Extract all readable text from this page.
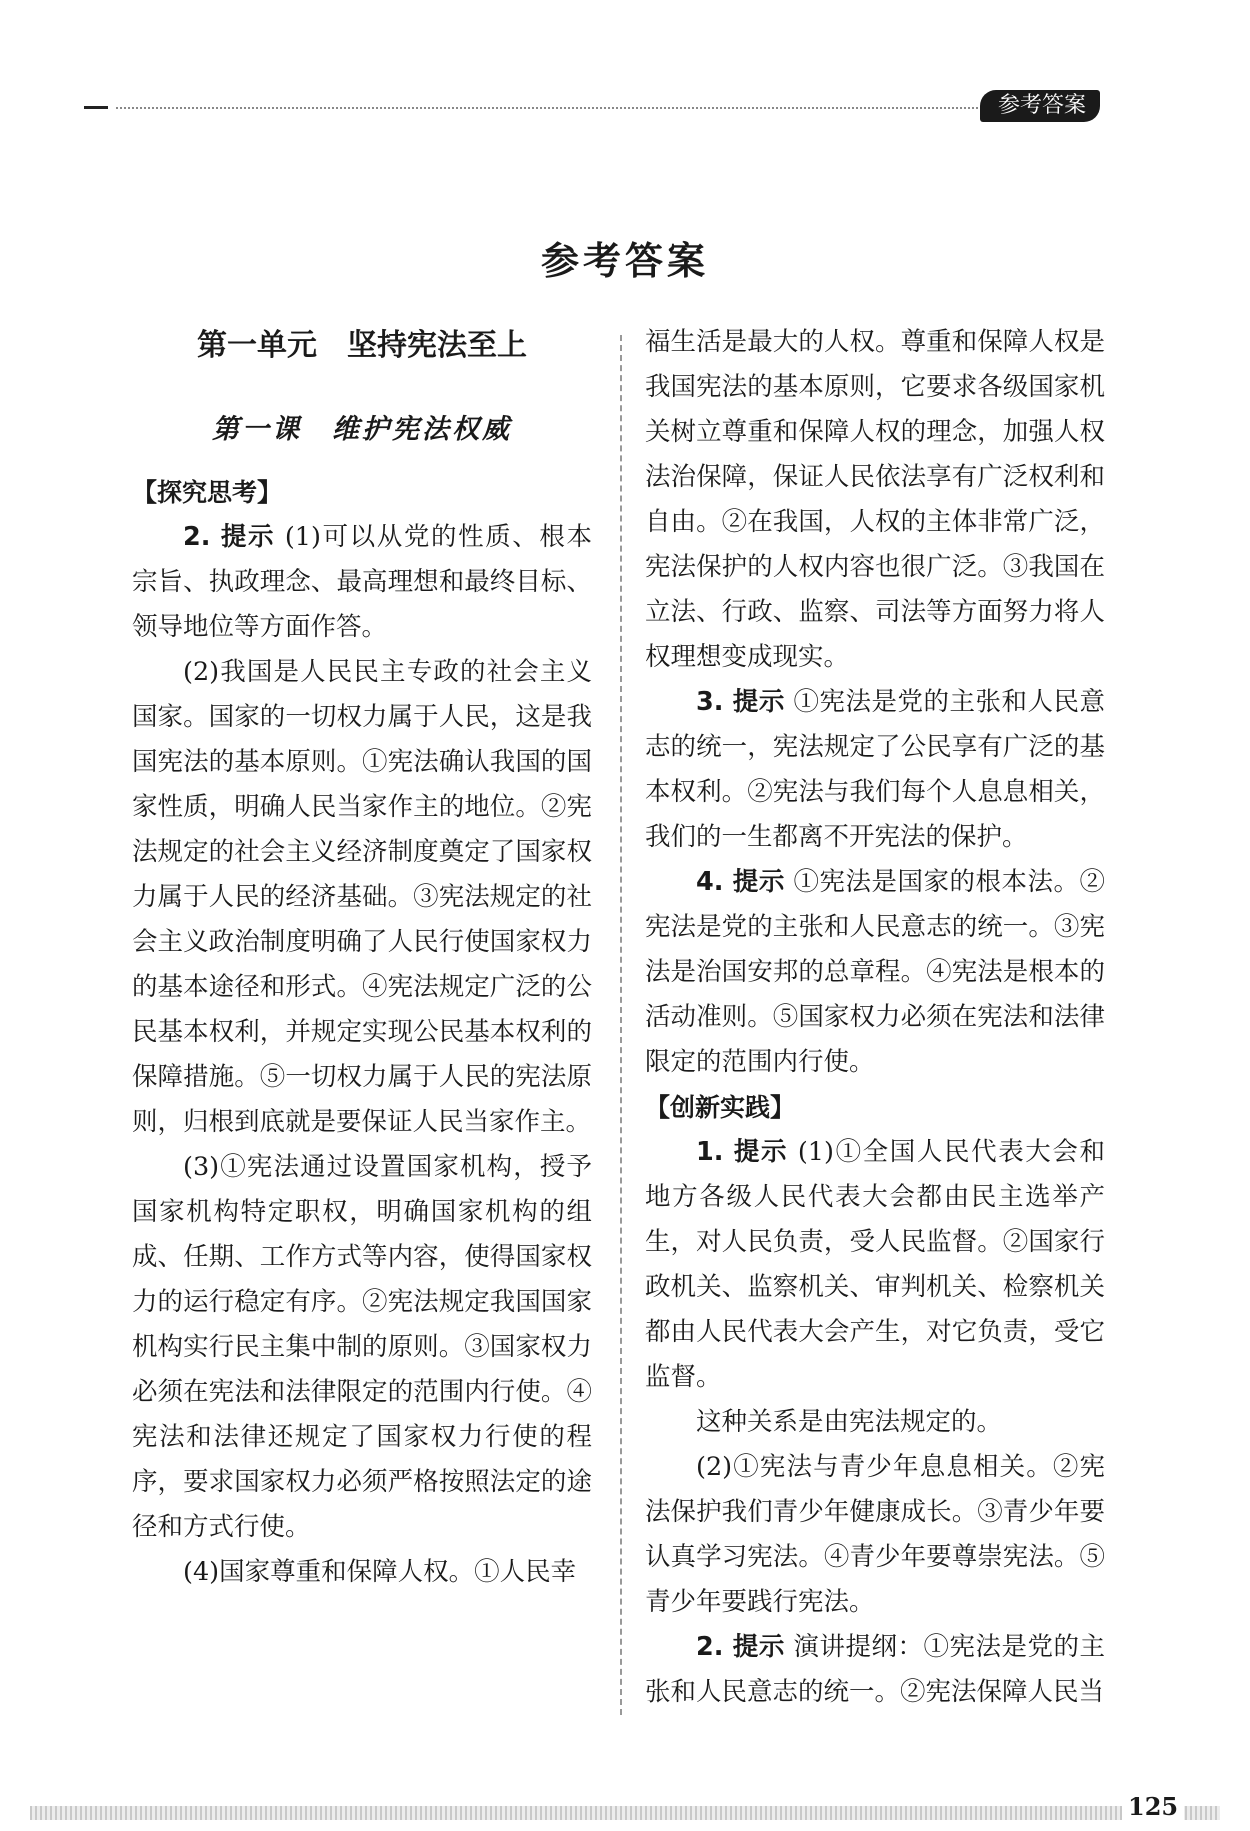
参考答案
参考答案
第一单元　坚持宪法至上
第一课　维护宪法权威

【探究思考】

2. 提示 (1)可以从党的性质、根本宗旨、执政理念、最高理想和最终目标、领导地位等方面作答。

(2)我国是人民民主专政的社会主义国家。国家的一切权力属于人民，这是我国宪法的基本原则。①宪法确认我国的国家性质，明确人民当家作主的地位。②宪法规定的社会主义经济制度奠定了国家权力属于人民的经济基础。③宪法规定的社会主义政治制度明确了人民行使国家权力的基本途径和形式。④宪法规定广泛的公民基本权利，并规定实现公民基本权利的保障措施。⑤一切权力属于人民的宪法原则，归根到底就是要保证人民当家作主。

(3)①宪法通过设置国家机构，授予国家机构特定职权，明确国家机构的组成、任期、工作方式等内容，使得国家权力的运行稳定有序。②宪法规定我国国家机构实行民主集中制的原则。③国家权力必须在宪法和法律限定的范围内行使。④宪法和法律还规定了国家权力行使的程序，要求国家权力必须严格按照法定的途径和方式行使。

(4)国家尊重和保障人权。①人民幸

福生活是最大的人权。尊重和保障人权是我国宪法的基本原则，它要求各级国家机关树立尊重和保障人权的理念，加强人权法治保障，保证人民依法享有广泛权利和自由。②在我国，人权的主体非常广泛，宪法保护的人权内容也很广泛。③我国在立法、行政、监察、司法等方面努力将人权理想变成现实。

3. 提示 ①宪法是党的主张和人民意志的统一，宪法规定了公民享有广泛的基本权利。②宪法与我们每个人息息相关，我们的一生都离不开宪法的保护。

4. 提示 ①宪法是国家的根本法。②宪法是党的主张和人民意志的统一。③宪法是治国安邦的总章程。④宪法是根本的活动准则。⑤国家权力必须在宪法和法律限定的范围内行使。

【创新实践】

1. 提示 (1)①全国人民代表大会和地方各级人民代表大会都由民主选举产生，对人民负责，受人民监督。②国家行政机关、监察机关、审判机关、检察机关都由人民代表大会产生，对它负责，受它监督。

这种关系是由宪法规定的。

(2)①宪法与青少年息息相关。②宪法保护我们青少年健康成长。③青少年要认真学习宪法。④青少年要尊崇宪法。⑤青少年要践行宪法。

2. 提示 演讲提纲：①宪法是党的主张和人民意志的统一。②宪法保障人民当

125
